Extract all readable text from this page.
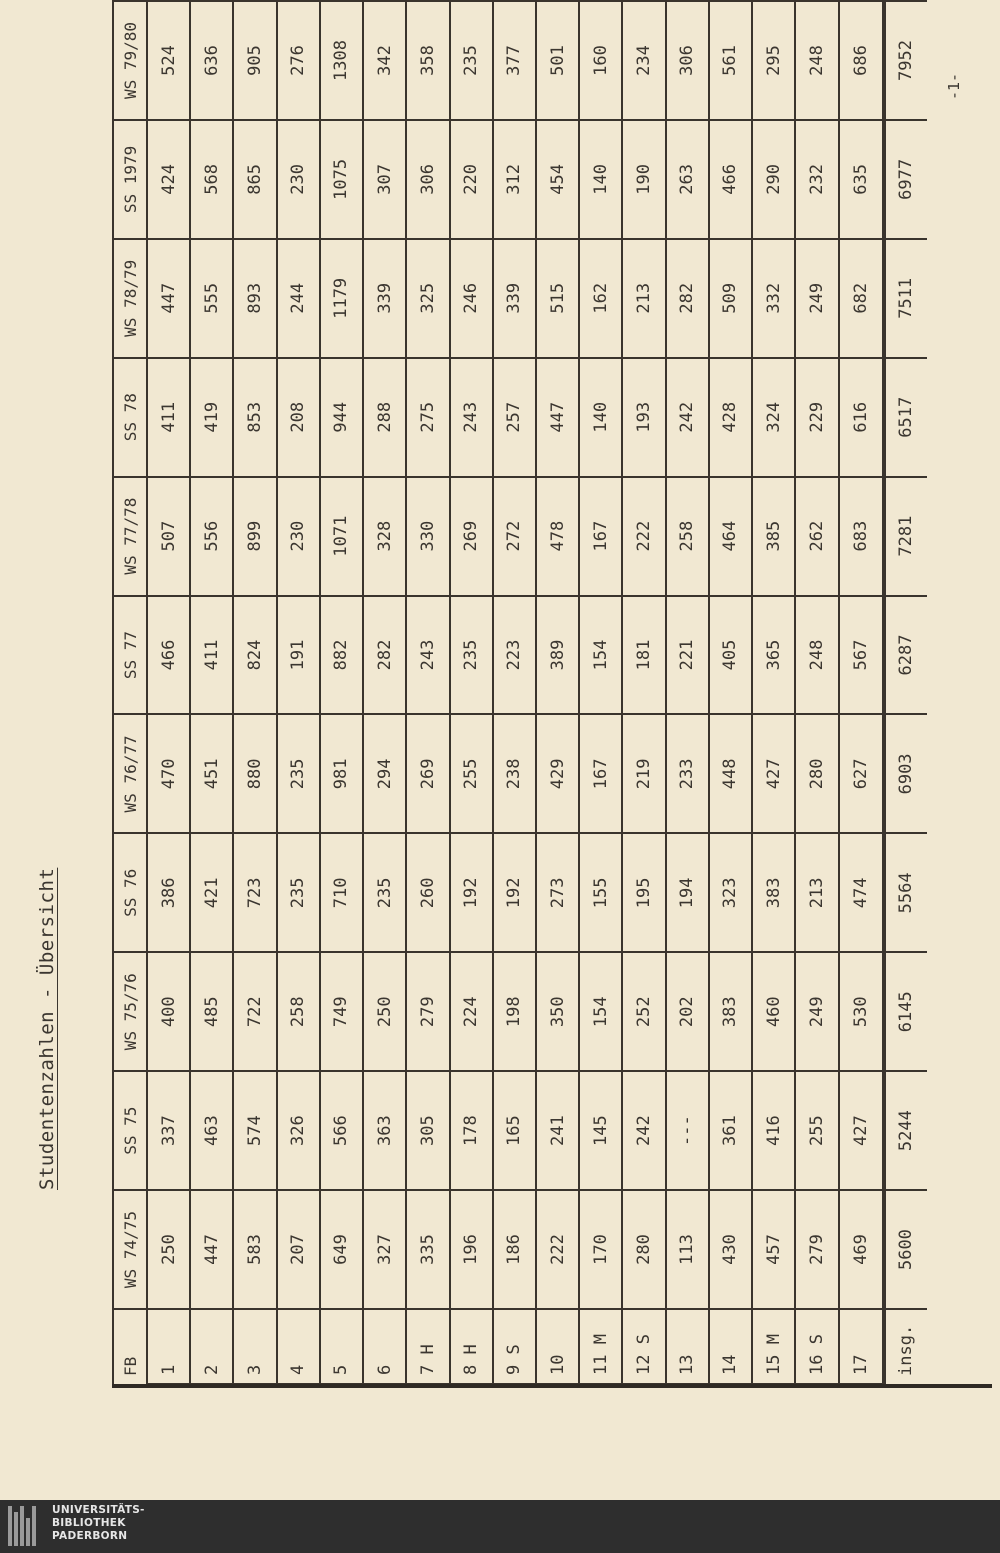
Studentenzahlen - Übersicht
FB	WS 74/75	SS 75	WS 75/76	SS 76	WS 76/77	SS 77	WS 77/78	SS 78	WS 78/79	SS 1979	WS 79/80
1	250	337	400	386	470	466	507	411	447	424	524
2	447	463	485	421	451	411	556	419	555	568	636
3	583	574	722	723	880	824	899	853	893	865	905
4	207	326	258	235	235	191	230	208	244	230	276
5	649	566	749	710	981	882	1071	944	1179	1075	1308
6	327	363	250	235	294	282	328	288	339	307	342
7 H	335	305	279	260	269	243	330	275	325	306	358
8 H	196	178	224	192	255	235	269	243	246	220	235
9 S	186	165	198	192	238	223	272	257	339	312	377
10	222	241	350	273	429	389	478	447	515	454	501
11 M	170	145	154	155	167	154	167	140	162	140	160
12 S	280	242	252	195	219	181	222	193	213	190	234
13	113	---	202	194	233	221	258	242	282	263	306
14	430	361	383	323	448	405	464	428	509	466	561
15 M	457	416	460	383	427	365	385	324	332	290	295
16 S	279	255	249	213	280	248	262	229	249	232	248
17	469	427	530	474	627	567	683	616	682	635	686
insg.	5600	5244	6145	5564	6903	6287	7281	6517	7511	6977	7952
-1-
UNIVERSITÄTS-
BIBLIOTHEK
PADERBORN
